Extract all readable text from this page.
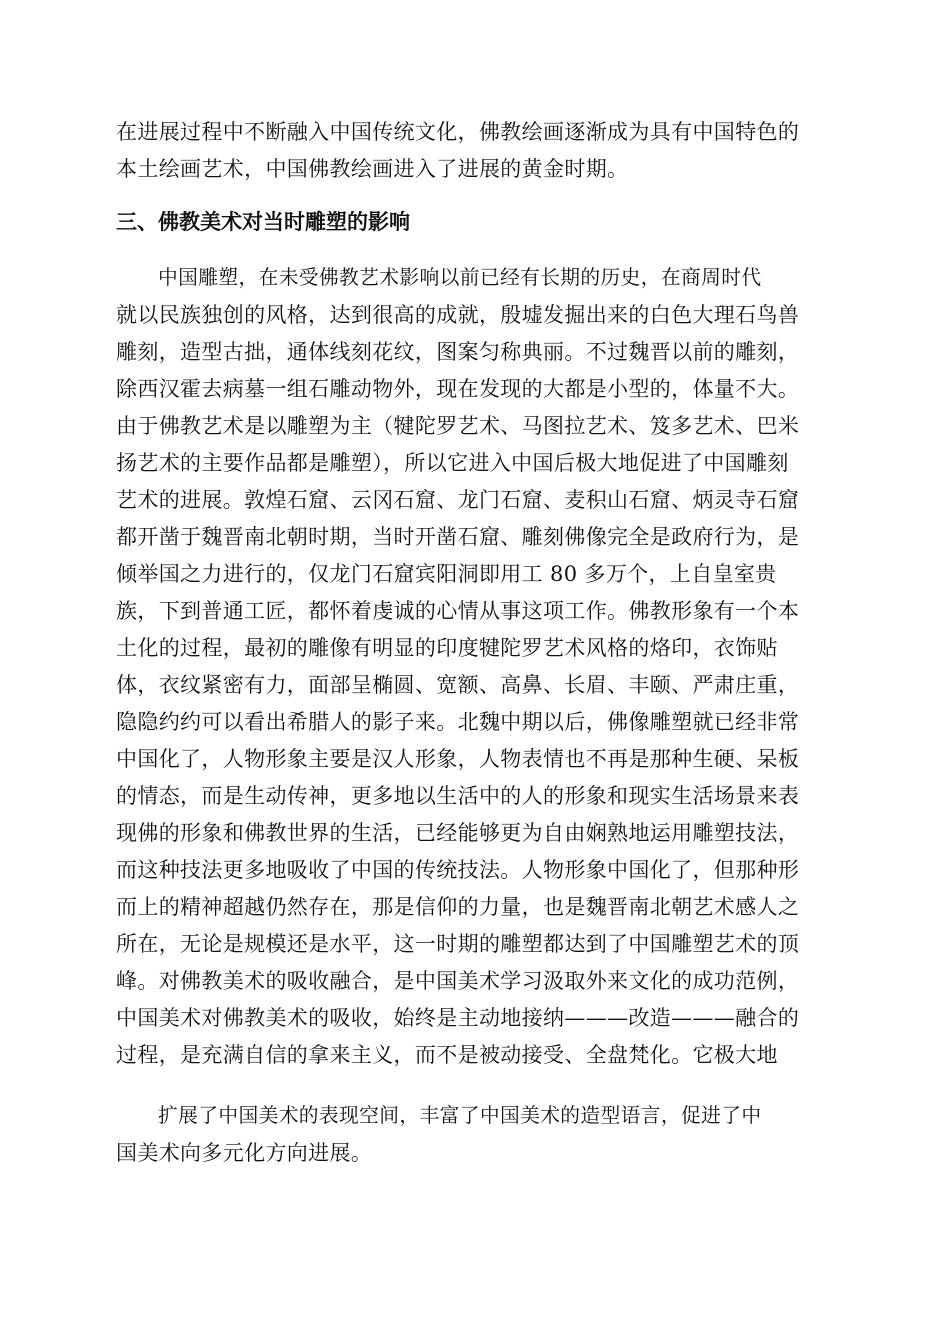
在进展过程中不断融入中国传统文化，佛教绘画逐渐成为具有中国特色的
本土绘画艺术，中国佛教绘画进入了进展的黄金时期。
三、佛教美术对当时雕塑的影响
中国雕塑，在未受佛教艺术影响以前已经有长期的历史，在商周时代
就以民族独创的风格，达到很高的成就，殷墟发掘出来的白色大理石鸟兽
雕刻，造型古拙，通体线刻花纹，图案匀称典丽。不过魏晋以前的雕刻，
除西汉霍去病墓一组石雕动物外，现在发现的大都是小型的，体量不大。
由于佛教艺术是以雕塑为主（犍陀罗艺术、马图拉艺术、笈多艺术、巴米
扬艺术的主要作品都是雕塑），所以它进入中国后极大地促进了中国雕刻
艺术的进展。敦煌石窟、云冈石窟、龙门石窟、麦积山石窟、炳灵寺石窟
都开凿于魏晋南北朝时期，当时开凿石窟、雕刻佛像完全是政府行为，是
倾举国之力进行的，仅龙门石窟宾阳洞即用工 80 多万个，上自皇室贵
族，下到普通工匠，都怀着虔诚的心情从事这项工作。佛教形象有一个本
土化的过程，最初的雕像有明显的印度犍陀罗艺术风格的烙印，衣饰贴
体，衣纹紧密有力，面部呈椭圆、宽额、高鼻、长眉、丰颐、严肃庄重，
隐隐约约可以看出希腊人的影子来。北魏中期以后，佛像雕塑就已经非常
中国化了，人物形象主要是汉人形象，人物表情也不再是那种生硬、呆板
的情态，而是生动传神，更多地以生活中的人的形象和现实生活场景来表
现佛的形象和佛教世界的生活，已经能够更为自由娴熟地运用雕塑技法，
而这种技法更多地吸收了中国的传统技法。人物形象中国化了，但那种形
而上的精神超越仍然存在，那是信仰的力量，也是魏晋南北朝艺术感人之
所在，无论是规模还是水平，这一时期的雕塑都达到了中国雕塑艺术的顶
峰。对佛教美术的吸收融合，是中国美术学习汲取外来文化的成功范例，
中国美术对佛教美术的吸收，始终是主动地接纳———改造———融合的
过程，是充满自信的拿来主义，而不是被动接受、全盘梵化。它极大地
扩展了中国美术的表现空间，丰富了中国美术的造型语言，促进了中
国美术向多元化方向进展。
